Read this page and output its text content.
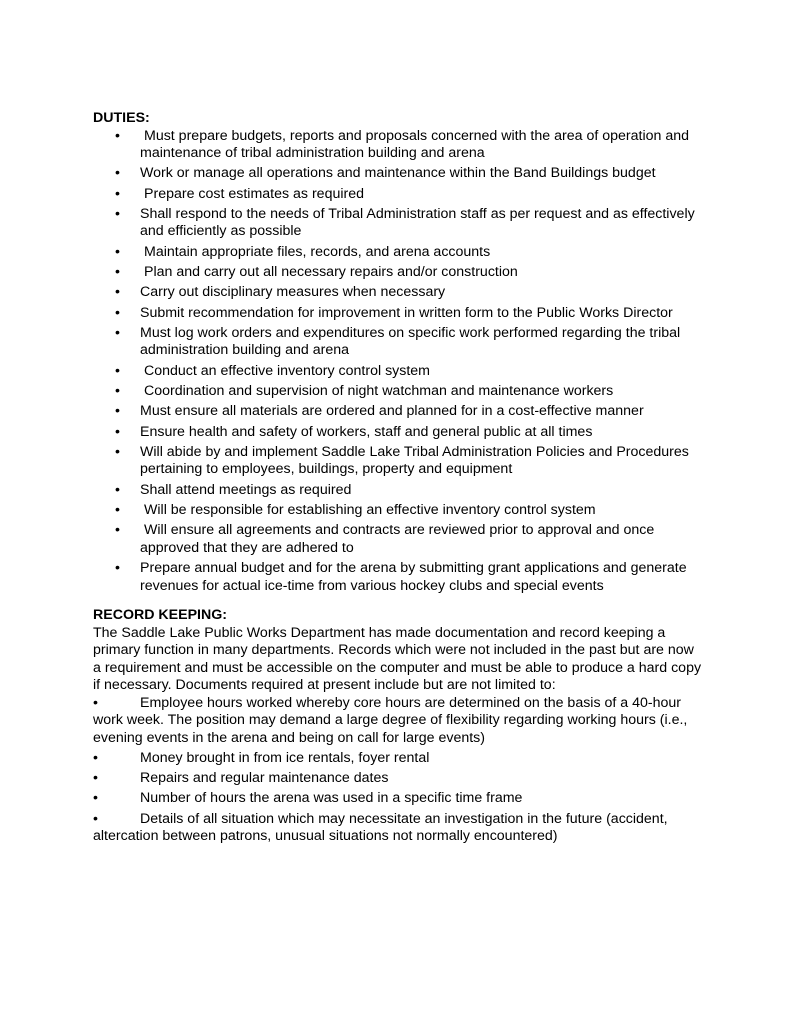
DUTIES:

• Must prepare budgets, reports and proposals concerned with the area of operation and maintenance of tribal administration building and arena
• Work or manage all operations and maintenance within the Band Buildings budget
• Prepare cost estimates as required
• Shall respond to the needs of Tribal Administration staff as per request and as effectively and efficiently as possible
• Maintain appropriate files, records, and arena accounts
• Plan and carry out all necessary repairs and/or construction
• Carry out disciplinary measures when necessary
• Submit recommendation for improvement in written form to the Public Works Director
• Must log work orders and expenditures on specific work performed regarding the tribal administration building and arena
• Conduct an effective inventory control system
• Coordination and supervision of night watchman and maintenance workers
• Must ensure all materials are ordered and planned for in a cost-effective manner
• Ensure health and safety of workers, staff and general public at all times
• Will abide by and implement Saddle Lake Tribal Administration Policies and Procedures pertaining to employees, buildings, property and equipment
• Shall attend meetings as required
• Will be responsible for establishing an effective inventory control system
• Will ensure all agreements and contracts are reviewed prior to approval and once approved that they are adhered to
• Prepare annual budget and for the arena by submitting grant applications and generate revenues for actual ice-time from various hockey clubs and special events

RECORD KEEPING:

The Saddle Lake Public Works Department has made documentation and record keeping a primary function in many departments. Records which were not included in the past but are now a requirement and must be accessible on the computer and must be able to produce a hard copy if necessary. Documents required at present include but are not limited to:

•	Employee hours worked whereby core hours are determined on the basis of a 40-hour work week. The position may demand a large degree of flexibility regarding working hours (i.e., evening events in the arena and being on call for large events)
•	Money brought in from ice rentals, foyer rental
•	Repairs and regular maintenance dates
•	Number of hours the arena was used in a specific time frame
•	Details of all situation which may necessitate an investigation in the future (accident, altercation between patrons, unusual situations not normally encountered)
